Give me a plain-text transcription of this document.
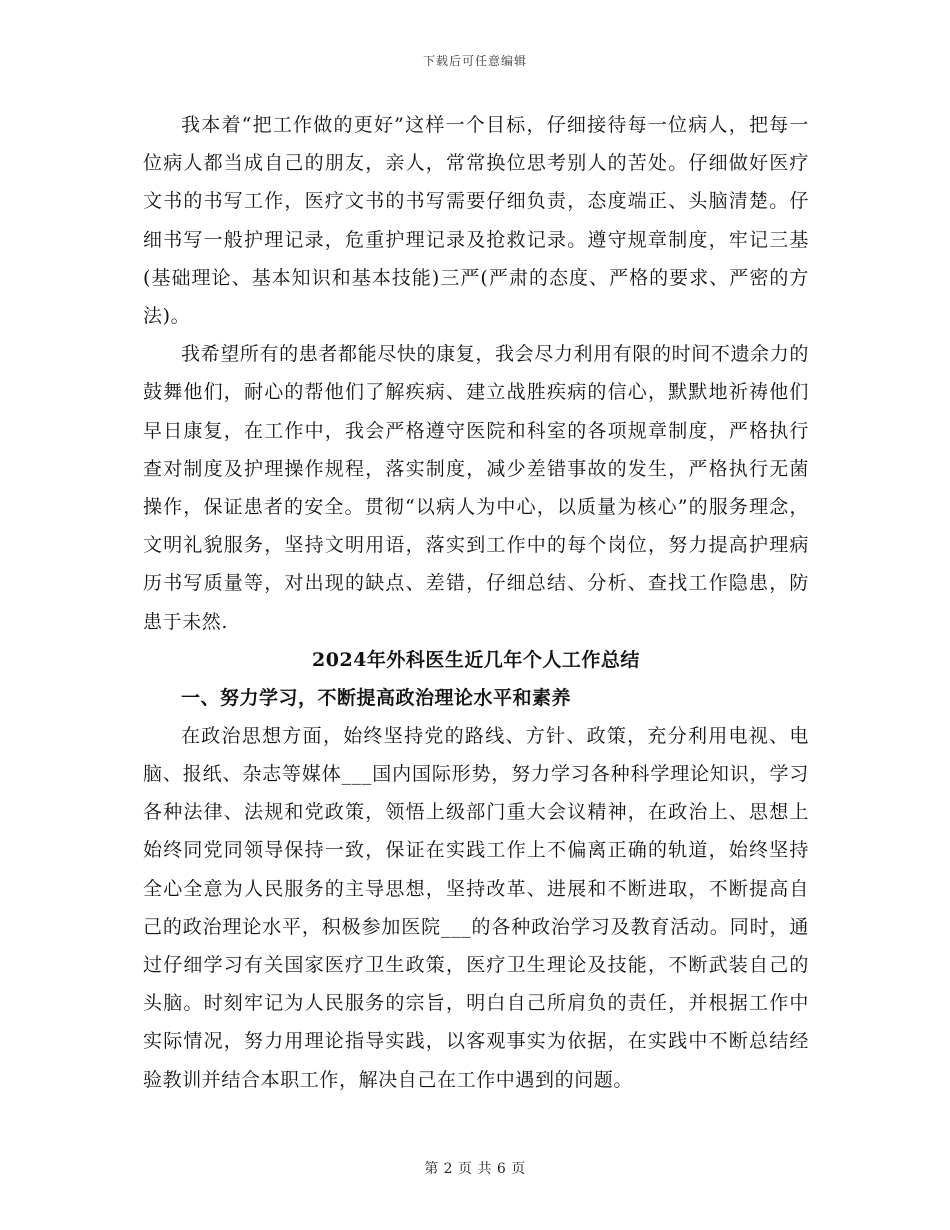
下载后可任意编辑

我本着“把工作做的更好”这样一个目标，仔细接待每一位病人，把每一位病人都当成自己的朋友，亲人，常常换位思考别人的苦处。仔细做好医疗文书的书写工作，医疗文书的书写需要仔细负责，态度端正、头脑清楚。仔细书写一般护理记录，危重护理记录及抢救记录。遵守规章制度，牢记三基(基础理论、基本知识和基本技能)三严(严肃的态度、严格的要求、严密的方法)。

我希望所有的患者都能尽快的康复，我会尽力利用有限的时间不遗余力的鼓舞他们，耐心的帮他们了解疾病、建立战胜疾病的信心，默默地祈祷他们早日康复，在工作中，我会严格遵守医院和科室的各项规章制度，严格执行查对制度及护理操作规程，落实制度，减少差错事故的发生，严格执行无菌操作，保证患者的安全。贯彻“以病人为中心，以质量为核心”的服务理念，文明礼貌服务，坚持文明用语，落实到工作中的每个岗位，努力提高护理病历书写质量等，对出现的缺点、差错，仔细总结、分析、查找工作隐患，防患于未然.

2024年外科医生近几年个人工作总结

一、努力学习，不断提高政治理论水平和素养

在政治思想方面，始终坚持党的路线、方针、政策，充分利用电视、电脑、报纸、杂志等媒体___国内国际形势，努力学习各种科学理论知识，学习各种法律、法规和党政策，领悟上级部门重大会议精神，在政治上、思想上始终同党同领导保持一致，保证在实践工作上不偏离正确的轨道，始终坚持全心全意为人民服务的主导思想，坚持改革、进展和不断进取，不断提高自己的政治理论水平，积极参加医院___的各种政治学习及教育活动。同时，通过仔细学习有关国家医疗卫生政策，医疗卫生理论及技能，不断武装自己的头脑。时刻牢记为人民服务的宗旨，明白自己所肩负的责任，并根据工作中实际情况，努力用理论指导实践，以客观事实为依据，在实践中不断总结经验教训并结合本职工作，解决自己在工作中遇到的问题。

第 2 页 共 6 页
